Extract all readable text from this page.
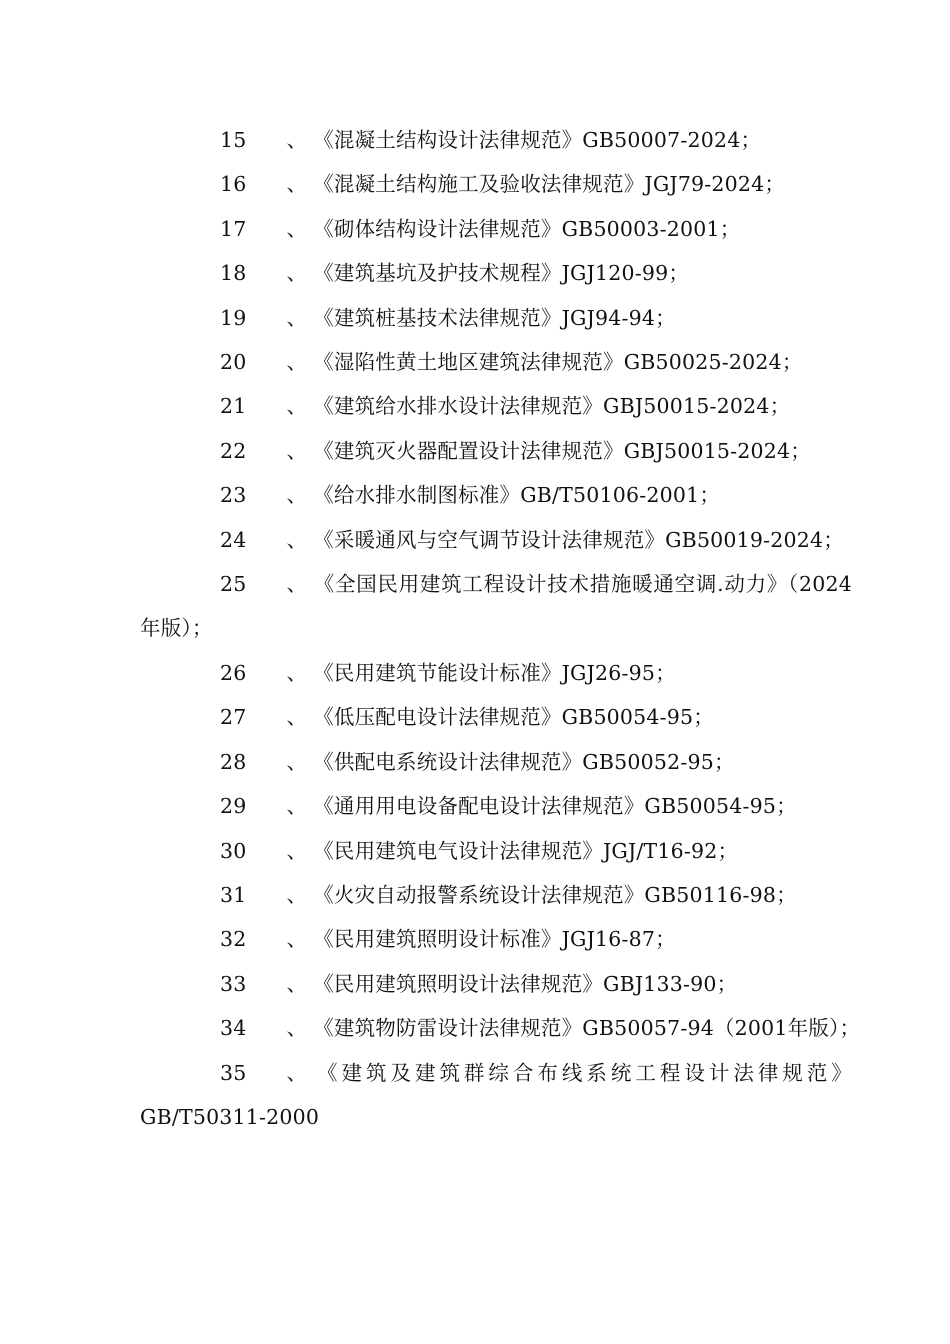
15 、 《混凝土结构设计法律规范》GB50007-2024；
16 、 《混凝土结构施工及验收法律规范》JGJ79-2024；
17 、 《砌体结构设计法律规范》GB50003-2001；
18 、 《建筑基坑及护技术规程》JGJ120-99；
19 、 《建筑桩基技术法律规范》JGJ94-94；
20 、 《湿陷性黄土地区建筑法律规范》GB50025-2024；
21 、 《建筑给水排水设计法律规范》GBJ50015-2024；
22 、 《建筑灭火器配置设计法律规范》GBJ50015-2024；
23 、 《给水排水制图标准》GB/T50106-2001；
24 、 《采暖通风与空气调节设计法律规范》GB50019-2024；
25 、 《全国民用建筑工程设计技术措施暖通空调.动力》（2024年版）；
26 、 《民用建筑节能设计标准》JGJ26-95；
27 、 《低压配电设计法律规范》GB50054-95；
28 、 《供配电系统设计法律规范》GB50052-95；
29 、 《通用用电设备配电设计法律规范》GB50054-95；
30 、 《民用建筑电气设计法律规范》JGJ/T16-92；
31 、 《火灾自动报警系统设计法律规范》GB50116-98；
32 、 《民用建筑照明设计标准》JGJ16-87；
33 、 《民用建筑照明设计法律规范》GBJ133-90；
34 、 《建筑物防雷设计法律规范》GB50057-94（2001年版）；
35 、 《建筑及建筑群综合布线系统工程设计法律规范》GB/T50311-2000
